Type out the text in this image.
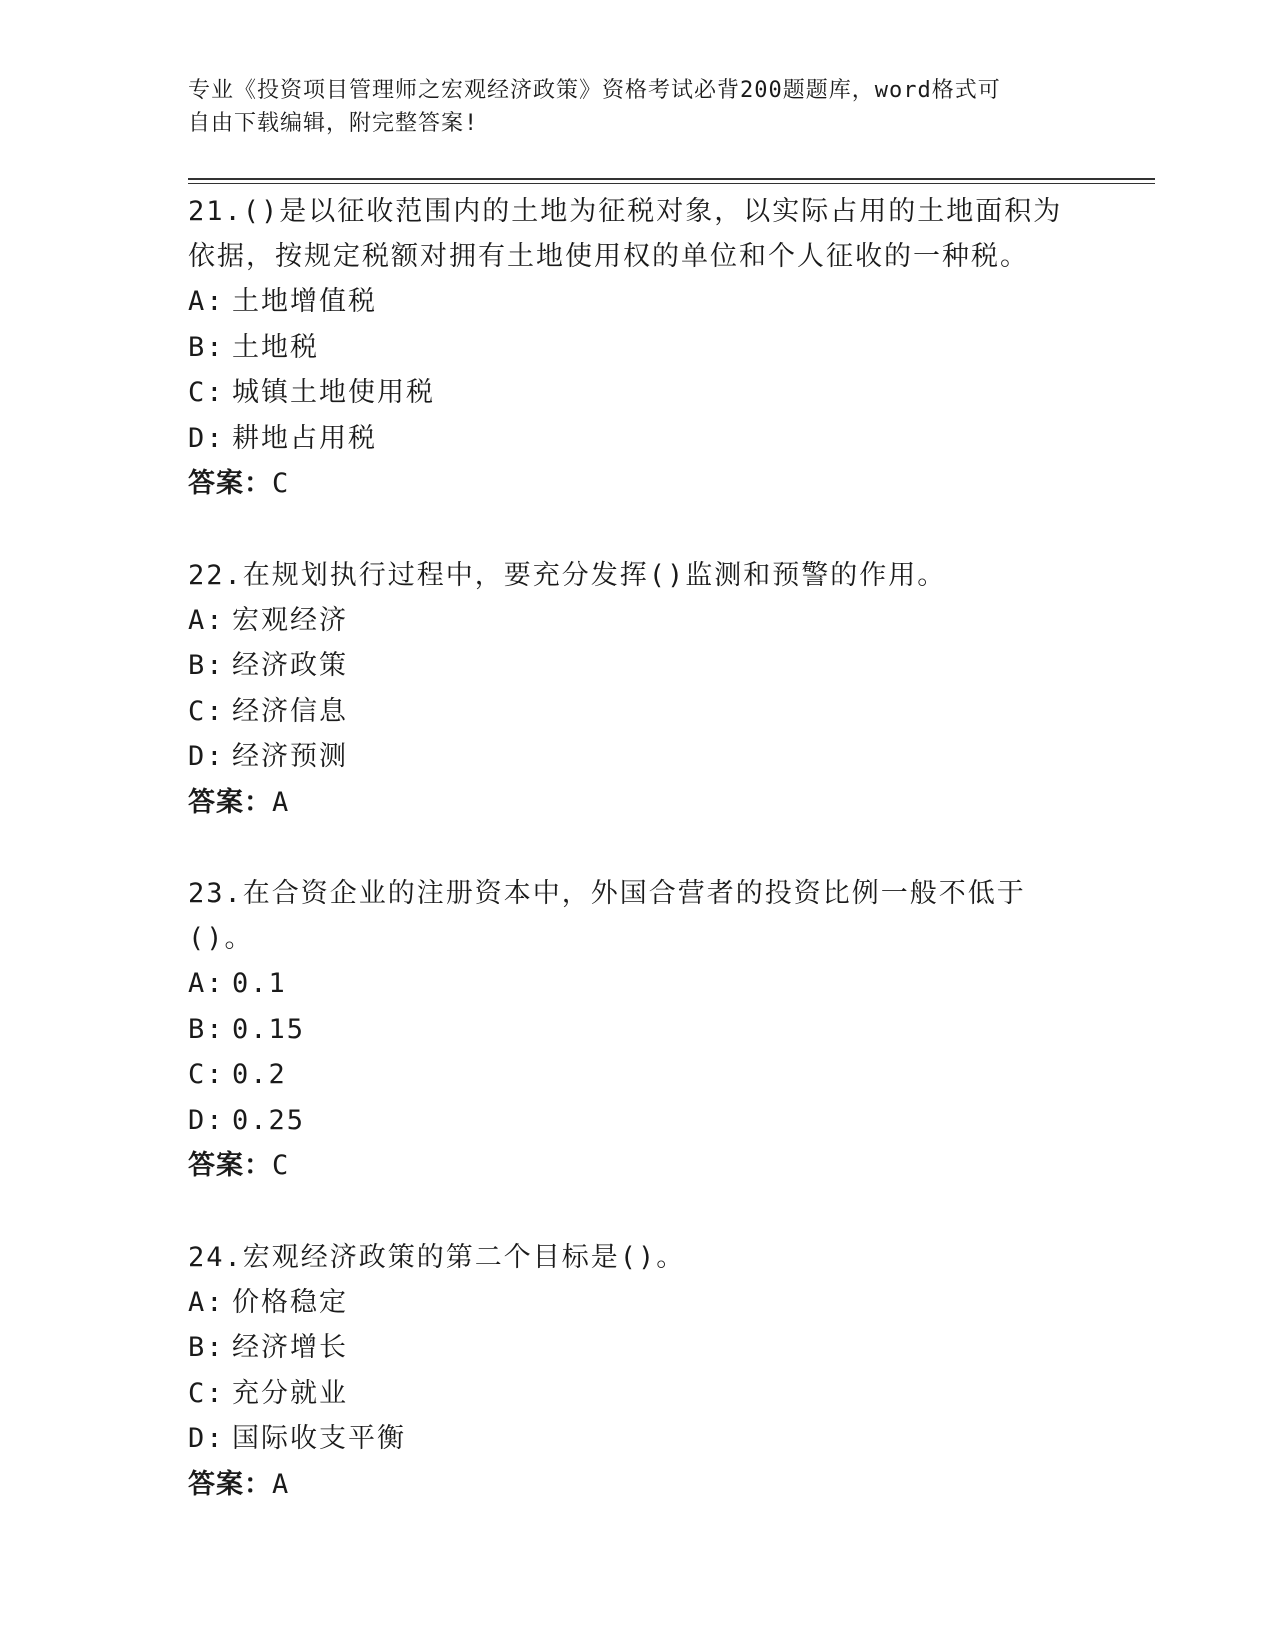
专业《投资项目管理师之宏观经济政策》资格考试必背200题题库，word格式可
自由下载编辑，附完整答案!

21.()是以征收范围内的土地为征税对象，以实际占用的土地面积为依据，按规定税额对拥有土地使用权的单位和个人征收的一种税。

A: 土地增值税

B: 土地税

C: 城镇土地使用税

D: 耕地占用税

答案：C

22.在规划执行过程中，要充分发挥()监测和预警的作用。

A: 宏观经济

B: 经济政策

C: 经济信息

D: 经济预测

答案：A

23.在合资企业的注册资本中，外国合营者的投资比例一般不低于()。

A: 0.1

B: 0.15

C: 0.2

D: 0.25

答案：C

24.宏观经济政策的第二个目标是()。

A: 价格稳定

B: 经济增长

C: 充分就业

D: 国际收支平衡

答案：A
